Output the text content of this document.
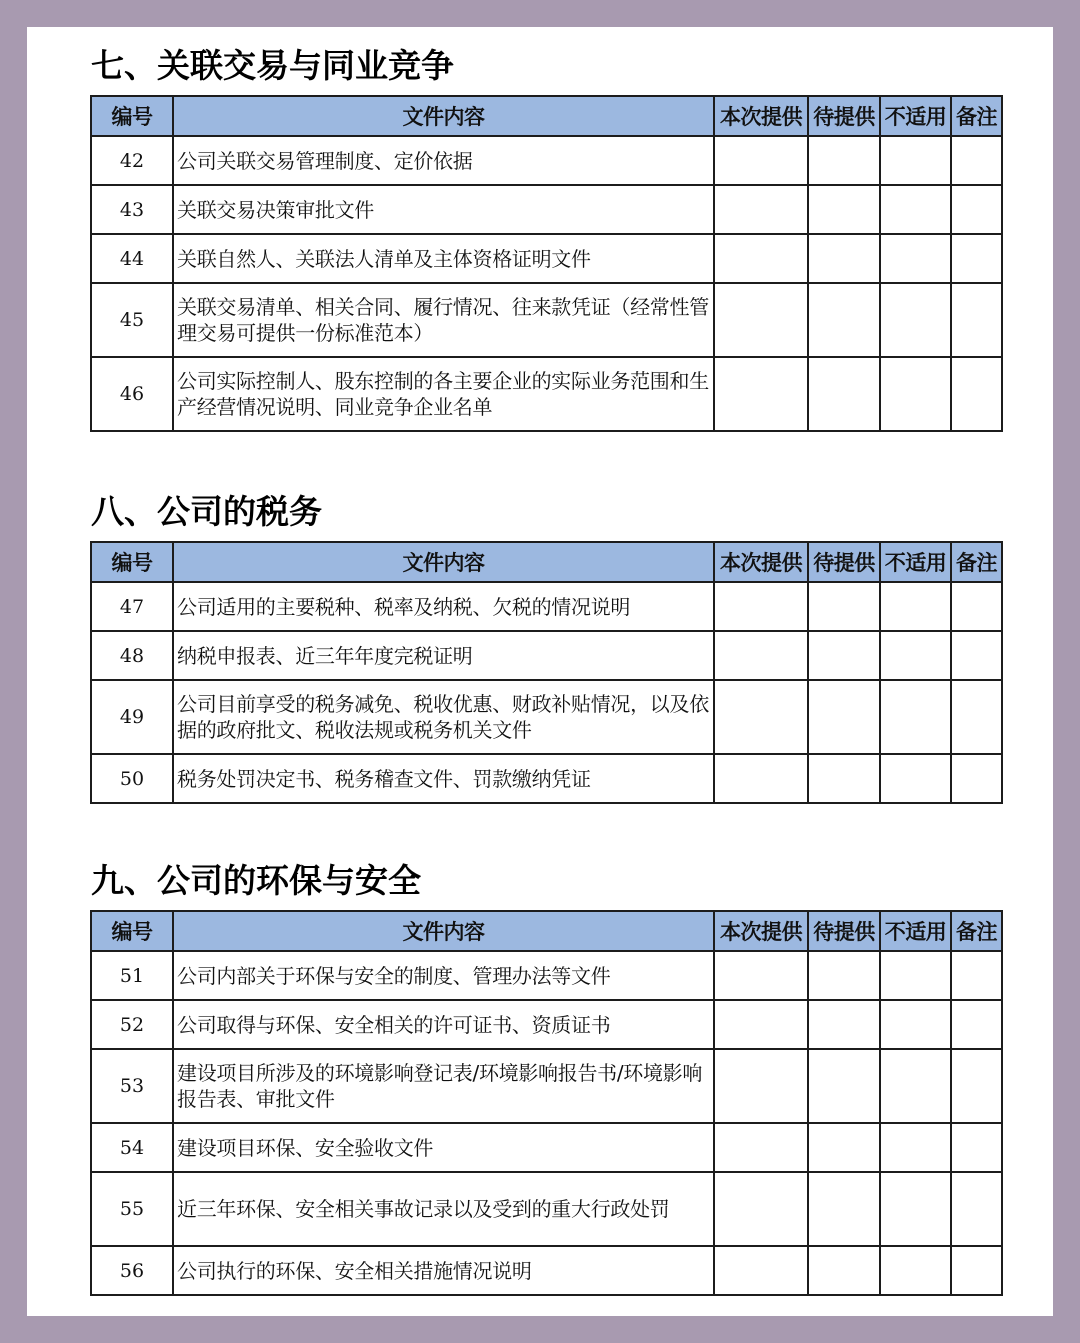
七、关联交易与同业竞争
编号	文件内容	本次提供	待提供	不适用	备注
42	公司关联交易管理制度、定价依据				
43	关联交易决策审批文件				
44	关联自然人、关联法人清单及主体资格证明文件				
45	关联交易清单、相关合同、履行情况、往来款凭证（经常性管理交易可提供一份标准范本）				
46	公司实际控制人、股东控制的各主要企业的实际业务范围和生产经营情况说明、同业竞争企业名单				
八、公司的税务
编号	文件内容	本次提供	待提供	不适用	备注
47	公司适用的主要税种、税率及纳税、欠税的情况说明				
48	纳税申报表、近三年年度完税证明				
49	公司目前享受的税务减免、税收优惠、财政补贴情况，以及依据的政府批文、税收法规或税务机关文件				
50	税务处罚决定书、税务稽查文件、罚款缴纳凭证				
九、公司的环保与安全
编号	文件内容	本次提供	待提供	不适用	备注
51	公司内部关于环保与安全的制度、管理办法等文件				
52	公司取得与环保、安全相关的许可证书、资质证书				
53	建设项目所涉及的环境影响登记表/环境影响报告书/环境影响报告表、审批文件				
54	建设项目环保、安全验收文件				
55	近三年环保、安全相关事故记录以及受到的重大行政处罚				
56	公司执行的环保、安全相关措施情况说明				
